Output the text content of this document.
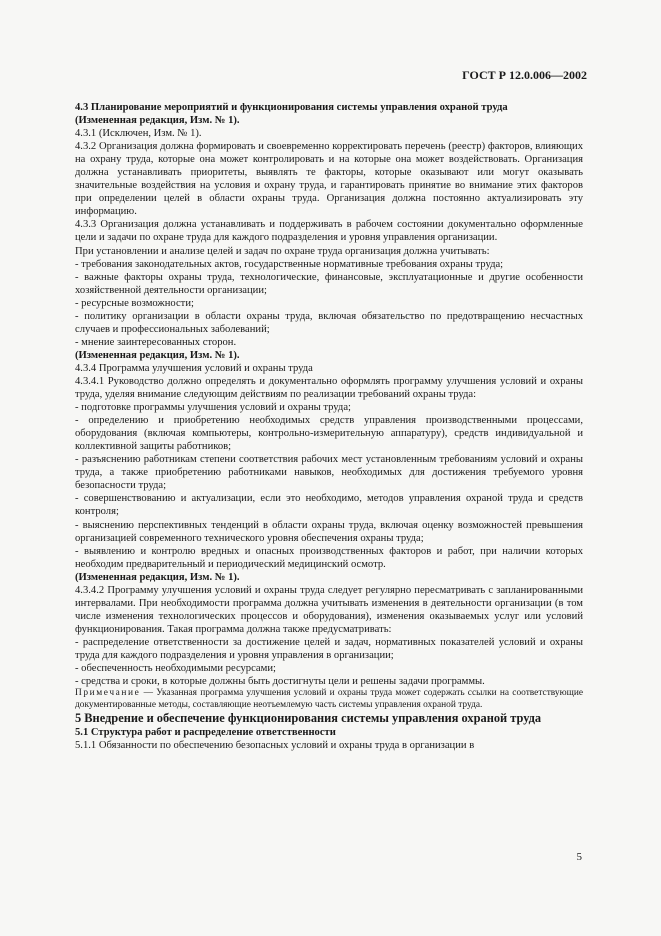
ГОСТ Р 12.0.006—2002

4.3 Планирование мероприятий и функционирования системы управления охраной труда

(Измененная редакция, Изм. № 1).

4.3.1 (Исключен, Изм. № 1).

4.3.2 Организация должна формировать и своевременно корректировать перечень (реестр) факторов, влияющих на охрану труда, которые она может контролировать и на которые она может воздействовать. Организация должна устанавливать приоритеты, выявлять те факторы, которые оказывают или могут оказывать значительные воздействия на условия и охрану труда, и гарантировать принятие во внимание этих факторов при определении целей в области охраны труда. Организация должна постоянно актуализировать эту информацию.

4.3.3 Организация должна устанавливать и поддерживать в рабочем состоянии документально оформленные цели и задачи по охране труда для каждого подразделения и уровня управления организации.

При установлении и анализе целей и задач по охране труда организация должна учитывать:

- требования законодательных актов, государственные нормативные требования охраны труда;

- важные факторы охраны труда, технологические, финансовые, эксплуатационные и другие особенности хозяйственной деятельности организации;

- ресурсные возможности;

- политику организации в области охраны труда, включая обязательство по предотвращению несчастных случаев и профессиональных заболеваний;

- мнение заинтересованных сторон.

(Измененная редакция, Изм. № 1).

4.3.4 Программа улучшения условий и охраны труда

4.3.4.1 Руководство должно определять и документально оформлять программу улучшения условий и охраны труда, уделяя внимание следующим действиям по реализации требований охраны труда:

- подготовке программы улучшения условий и охраны труда;

- определению и приобретению необходимых средств управления производственными процессами, оборудования (включая компьютеры, контрольно-измерительную аппаратуру), средств индивидуальной и коллективной защиты работников;

- разъяснению работникам степени соответствия рабочих мест установленным требованиям условий и охраны труда, а также приобретению работниками навыков, необходимых для достижения требуемого уровня безопасности труда;

- совершенствованию и актуализации, если это необходимо, методов управления охраной труда и средств контроля;

- выяснению перспективных тенденций в области охраны труда, включая оценку возможностей превышения организацией современного технического уровня обеспечения охраны труда;

- выявлению и контролю вредных и опасных производственных факторов и работ, при наличии которых необходим предварительный и периодический медицинский осмотр.

(Измененная редакция, Изм. № 1).

4.3.4.2 Программу улучшения условий и охраны труда следует регулярно пересматривать с запланированными интервалами. При необходимости программа должна учитывать изменения в деятельности организации (в том числе изменения технологических процессов и оборудования), изменения оказываемых услуг или условий функционирования. Такая программа должна также предусматривать:

- распределение ответственности за достижение целей и задач, нормативных показателей условий и охраны труда для каждого подразделения и уровня управления в организации;

- обеспеченность необходимыми ресурсами;

- средства и сроки, в которые должны быть достигнуты цели и решены задачи программы.

Примечание — Указанная программа улучшения условий и охраны труда может содержать ссылки на соответствующие документированные методы, составляющие неотъемлемую часть системы управления охраной труда.

5 Внедрение и обеспечение функционирования системы управления охраной труда

5.1 Структура работ и распределение ответственности

5.1.1 Обязанности по обеспечению безопасных условий и охраны труда в организации в

5
